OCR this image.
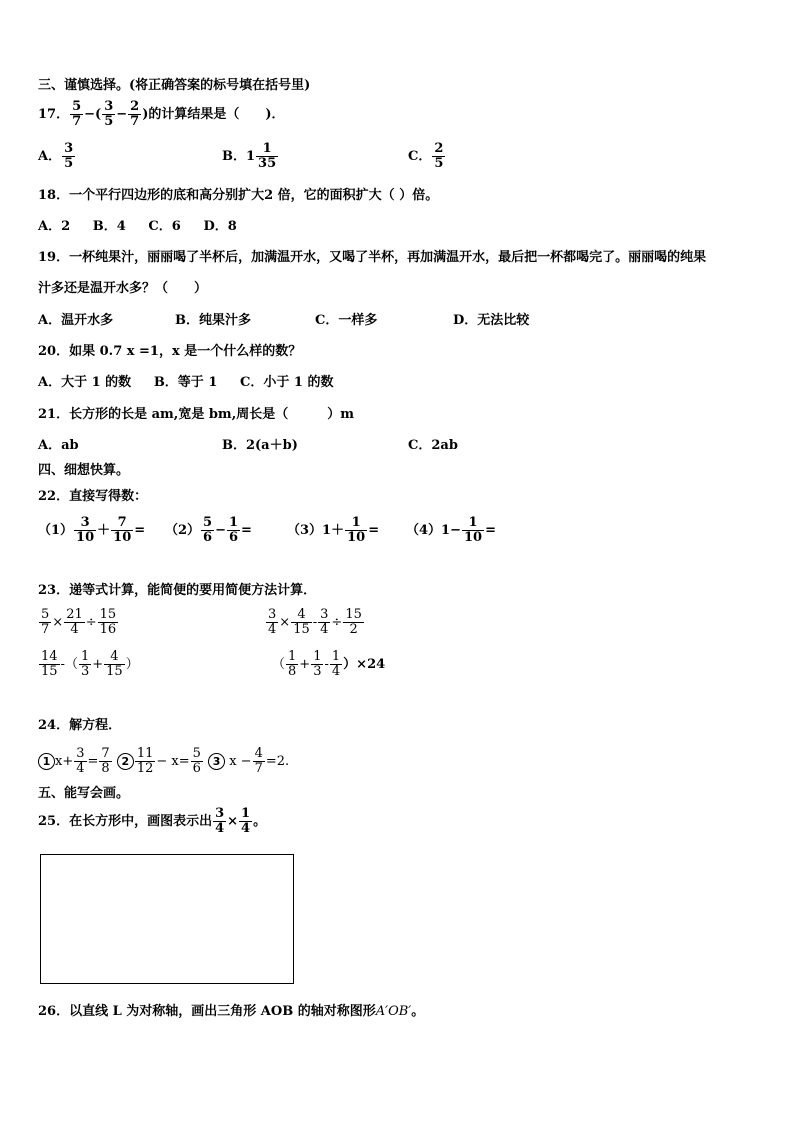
三、谨慎选择。(将正确答案的标号填在括号里)
17． $\frac{5}{7}$ −( $\frac{3}{5} - \frac{2}{7}$ )的计算结果是（　　)．
A． $\frac{3}{5}$	B．$1 \frac{1}{35}$	C． $\frac{2}{5}$
18．一个平行四边形的底和高分别扩大2 倍，它的面积扩大（ ）倍。
A．2     B．4     C．6     D．8
19．一杯纯果汁，丽丽喝了半杯后，加满温开水，又喝了半杯，再加满温开水，最后把一杯都喝完了。丽丽喝的纯果
汁多还是温开水多？（　　）
A．温开水多	B．纯果汁多	C．一样多	D．无法比较
20．如果 0.7 x =1，x 是一个什么样的数？
A．大于 1 的数     B．等于 1     C．小于 1 的数
21．长方形的长是 am,宽是 bm,周长是（　　　）m
A．ab	B．2(a＋b)	C．2ab
四、细想快算。
22．直接写得数：
$(1) \frac{3}{10} + \frac{7}{10} = (2) \frac{5}{6} - \frac{1}{6}$ =	$(3)1+ \frac{1}{10} = (4)1- \frac{1}{10}$ =
23．递等式计算，能简便的要用简便方法计算．
$\frac{5}{7} \times \frac{21}{4} \div \frac{15}{16}$	$\frac{3}{4} \times \frac{4}{15} - \frac{3}{4} \div \frac{15}{2}$
$\frac{14}{15}$ -（ $\frac{1}{3} + \frac{4}{15}$ ）	（ $\frac{1}{8} + \frac{1}{3} - \frac{1}{4} )\times 24$
24．解方程．
1 $x+ \frac{3}{4} = \frac{7}{8} 2 \frac{11}{12} - x= \frac{5}{6} 3$ $x - \frac{4}{7} =2$.
五、能写会画。
25．在长方形中，画图表示出 $\frac{3}{4} \times \frac{1}{4}$ 。
26．以直线 L 为对称轴，画出三角形 AOB 的轴对称图形A′OB′。
